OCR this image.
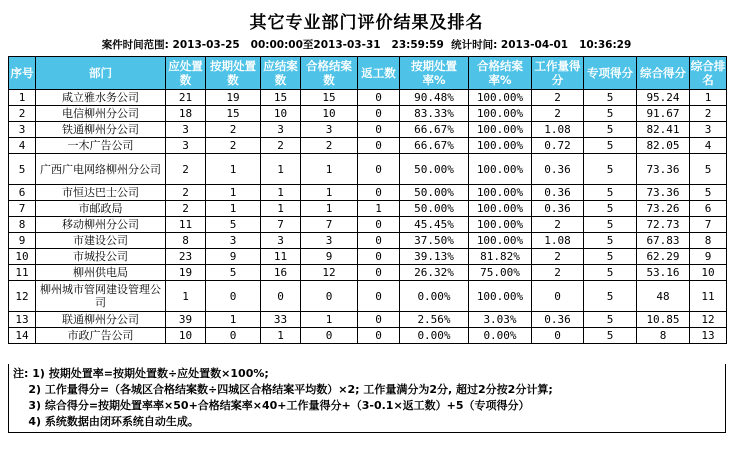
其它专业部门评价结果及排名
案件时间范围: 2013-03-25   00:00:00至2013-03-31   23:59:59  统计时间: 2013-04-01   10:36:29
序号	部门	应处置数	按期处置数	应结案数	合格结案数	返工数	按期处置率%	合格结案率%	工作量得分	专项得分	综合得分	综合排名
1	咸立雅水务公司	21	19	15	15	0	90.48%	100.00%	2	5	95.24	1
2	电信柳州分公司	18	15	10	10	0	83.33%	100.00%	2	5	91.67	2
3	铁通柳州分公司	3	2	3	3	0	66.67%	100.00%	1.08	5	82.41	3
4	一木广告公司	3	2	2	2	0	66.67%	100.00%	0.72	5	82.05	4
5	广西广电网络柳州分公司	2	1	1	1	0	50.00%	100.00%	0.36	5	73.36	5
6	市恒达巴士公司	2	1	1	1	0	50.00%	100.00%	0.36	5	73.36	5
7	市邮政局	2	1	1	1	1	50.00%	100.00%	0.36	5	73.26	6
8	移动柳州分公司	11	5	7	7	0	45.45%	100.00%	2	5	72.73	7
9	市建设公司	8	3	3	3	0	37.50%	100.00%	1.08	5	67.83	8
10	市城投公司	23	9	11	9	0	39.13%	81.82%	2	5	62.29	9
11	柳州供电局	19	5	16	12	0	26.32%	75.00%	2	5	53.16	10
12	柳州城市管网建设管理公司	1	0	0	0	0	0.00%	100.00%	0	5	48	11
13	联通柳州分公司	39	1	33	1	0	2.56%	3.03%	0.36	5	10.85	12
14	市政广告公司	10	0	1	0	0	0.00%	0.00%	0	5	8	13
注: 1) 按期处置率=按期处置数÷应处置数×100%;
2) 工作量得分=（各城区合格结案数÷四城区合格结案平均数）×2; 工作量满分为2分, 超过2分按2分计算;
3) 综合得分=按期处置率率×50+合格结案率×40+工作量得分+（3-0.1×返工数）+5（专项得分）
4) 系统数据由闭环系统自动生成。
